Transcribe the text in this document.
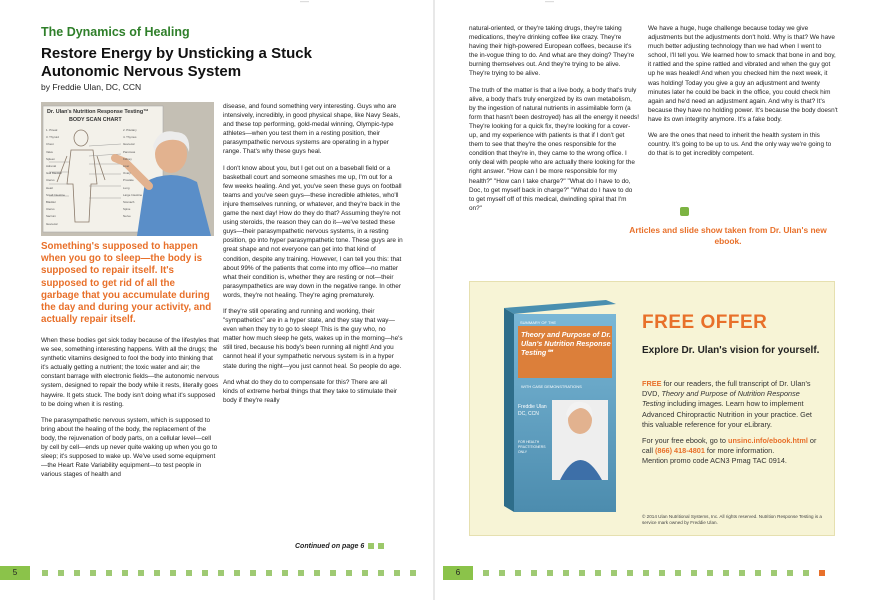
The Dynamics of Healing
Restore Energy by Unsticking a Stuck Autonomic Nervous System
by Freddie Ulan, DC, CCN
Dr. Ulan's Nutrition Response Testing™
BODY SCAN CHART
1. Pineal	2. Pituitary
3. Thyroid	4. Thymus
Chest	Ileocecal
Valve	Pancreas
Spleen	Kidney
Adrenal	Liver
Gall Bladder	Ovary
Uterus	Prostate
Heart	Lung
Small Intestine	Large Intestine
Bladder	Stomach
Uterus	Spine
Sacrum	Nerve
Ileocecal
Something's supposed to happen when you go to sleep—the body is supposed to repair itself. It's supposed to get rid of all the garbage that you accumulate during the day and during your activity, and actually repair itself.

When these bodies get sick today because of the lifestyles that we see, something interesting happens. With all the drugs; the synthetic vitamins designed to fool the body into thinking that it's actually getting a nutrient; the toxic water and air; the constant barrage with electronic fields—the autonomic nervous system, designed to repair the body while it rests, literally goes haywire. It gets stuck. The body isn't doing what it's supposed to be doing when it is resting.

The parasympathetic nervous system, which is supposed to bring about the healing of the body, the replacement of the body, the rejuvenation of body parts, on a cellular level—cell by cell by cell—ends up never quite waking up when you go to sleep; it's supposed to wake up. We've used some equipment—the Heart Rate Variability equipment—to test people in various stages of health and

disease, and found something very interesting. Guys who are intensively, incredibly, in good physical shape, like Navy Seals, and these top performing, gold-medal winning, Olympic-type athletes—when you test them in a resting position, their parasympathetic nervous systems are operating in a hyper range. That's why these guys heal.

I don't know about you, but I get out on a baseball field or a basketball court and someone smashes me up, I'm out for a few weeks healing. And yet, you've seen these guys on football teams and you've seen guys—these incredible athletes, who'll injure themselves running, or whatever, and they're back in the game the next day! How do they do that? Assuming they're not using steroids, the reason they can do it—we've tested these guys—their parasympathetic nervous systems, in a resting position, go into hyper parasympathetic tone. These guys are in great shape and not everyone can get into that kind of condition, despite any training. However, I can tell you this: that about 99% of the patients that come into my office—no matter what their condition is, whether they are resting or not—their parasympathetics are way down in the negative range. In other words, they're not healing. They're aging prematurely.

If they're still operating and running and working, their "sympathetics" are in a hyper state, and they stay that way—even when they try to go to sleep! This is the guy who, no matter how much sleep he gets, wakes up in the morning—he's still tired, because his body's been running all night! And you cannot heal if your sympathetic nervous system is in a hyper state during the night—you just cannot heal. So people do age.

And what do they do to compensate for this? There are all kinds of extreme herbal things that they take to stimulate their body if they're really

Continued on page 6
5

natural-oriented, or they're taking drugs, they're taking medications, they're drinking coffee like crazy. They're having their high-powered European coffees, because it's the in-vogue thing to do. And what are they doing? They're burning themselves out. And they're trying to be alive. They're trying to be alive.

The truth of the matter is that a live body, a body that's truly alive, a body that's truly energized by its own metabolism, by the ingestion of natural nutrients in assimilable form (a form that hasn't been destroyed) has all the energy it needs! They're looking for a quick fix, they're looking for a cover-up, and my experience with patients is that if I don't get them to see that they're the ones responsible for the condition that they're in, they came to the wrong office. I only deal with people who are actually there looking for the right answer. "How can I be more responsible for my health?" "How can I take charge?" "What do I have to do, Doc, to get myself back in charge?" "What do I have to do to get myself off of this medical, dwindling spiral that I'm on?"

We have a huge, huge challenge because today we give adjustments but the adjustments don't hold. Why is that? We have much better adjusting technology than we had when I went to school, I'll tell you. We learned how to smack that bone in and boy, it rattled and the spine rattled and vibrated and when the guy got up he was healed! And when you checked him the next week, it was holding! Today you give a guy an adjustment and twenty minutes later he could be back in the office, you could check him again and he'd need an adjustment again. And why is that? It's because they have no holding power. It's because the body doesn't have its own integrity anymore. It's a fake body.

We are the ones that need to inherit the health system in this country. It's going to be up to us. And the only way we're going to do that is to get incredibly competent.

6
Articles and slide show taken from Dr. Ulan's new ebook.
SUMMARY OF THE
Theory and Purpose of Dr. Ulan's Nutrition Response Testing℠
WITH CASE DEMONSTRATIONS
Freddie Ulan DC, CCN
FOR HEALTH PRACTITIONERS ONLY
FREE OFFER
Explore Dr. Ulan's vision for yourself.

FREE for our readers, the full transcript of Dr. Ulan's DVD, Theory and Purpose of Nutrition Response Testing including images. Learn how to implement Advanced Chiropractic Nutrition in your practice. Get this valuable reference for your eLibrary.

For your free ebook, go to unsinc.info/ebook.html or call (866) 418-4801 for more information.
Mention promo code ACN3 Pmag TAC 0914.

© 2014 Ulan Nutritional Systems, Inc. All rights reserved. Nutrition Response Testing is a service mark owned by Freddie Ulan.
—	—
